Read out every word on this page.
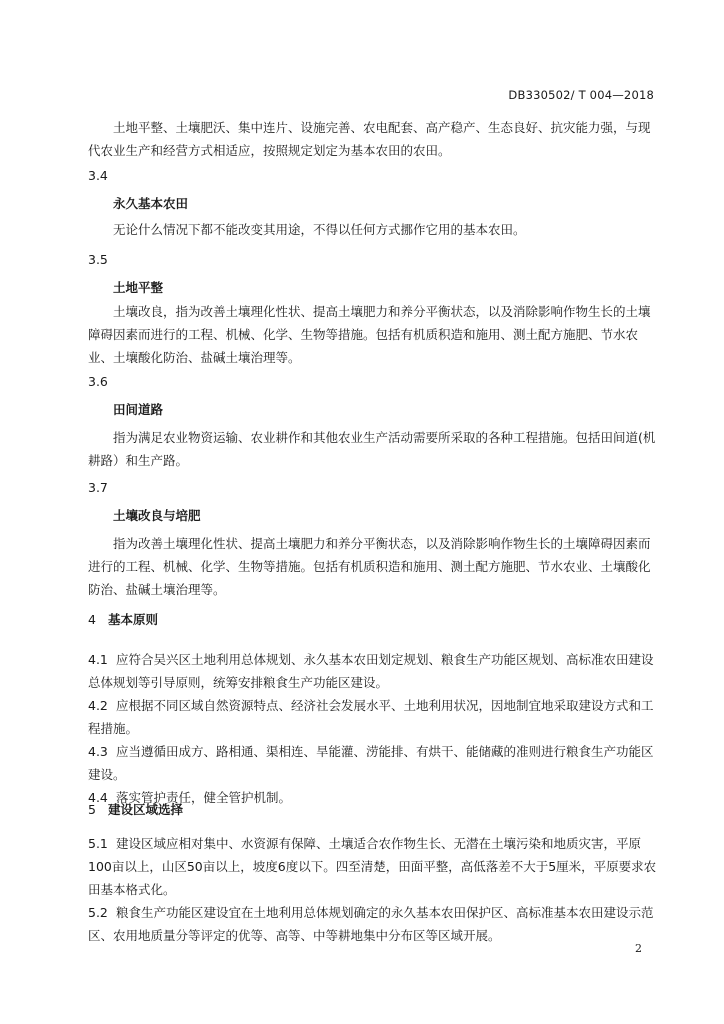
DB330502/ T 004—2018

土地平整、土壤肥沃、集中连片、设施完善、农电配套、高产稳产、生态良好、抗灾能力强，与现代农业生产和经营方式相适应，按照规定划定为基本农田的农田。

3.4
永久基本农田

无论什么情况下都不能改变其用途，不得以任何方式挪作它用的基本农田。

3.5
土地平整

土壤改良，指为改善土壤理化性状、提高土壤肥力和养分平衡状态，以及消除影响作物生长的土壤障碍因素而进行的工程、机械、化学、生物等措施。包括有机质积造和施用、测土配方施肥、节水农业、土壤酸化防治、盐碱土壤治理等。

3.6
田间道路

指为满足农业物资运输、农业耕作和其他农业生产活动需要所采取的各种工程措施。包括田间道(机耕路）和生产路。

3.7
土壤改良与培肥

指为改善土壤理化性状、提高土壤肥力和养分平衡状态，以及消除影响作物生长的土壤障碍因素而进行的工程、机械、化学、生物等措施。包括有机质积造和施用、测土配方施肥、节水农业、土壤酸化防治、盐碱土壤治理等。

4 基本原则

4.1 应符合吴兴区土地利用总体规划、永久基本农田划定规划、粮食生产功能区规划、高标准农田建设总体规划等引导原则，统筹安排粮食生产功能区建设。

4.2 应根据不同区域自然资源特点、经济社会发展水平、土地利用状况，因地制宜地采取建设方式和工程措施。

4.3 应当遵循田成方、路相通、渠相连、旱能灌、涝能排、有烘干、能储藏的准则进行粮食生产功能区建设。

4.4 落实管护责任，健全管护机制。

5 建设区域选择

5.1 建设区域应相对集中、水资源有保障、土壤适合农作物生长、无潜在土壤污染和地质灾害，平原100亩以上，山区50亩以上，坡度6度以下。四至清楚，田面平整，高低落差不大于5厘米，平原要求农田基本格式化。

5.2 粮食生产功能区建设宜在土地利用总体规划确定的永久基本农田保护区、高标准基本农田建设示范区、农用地质量分等评定的优等、高等、中等耕地集中分布区等区域开展。

2
